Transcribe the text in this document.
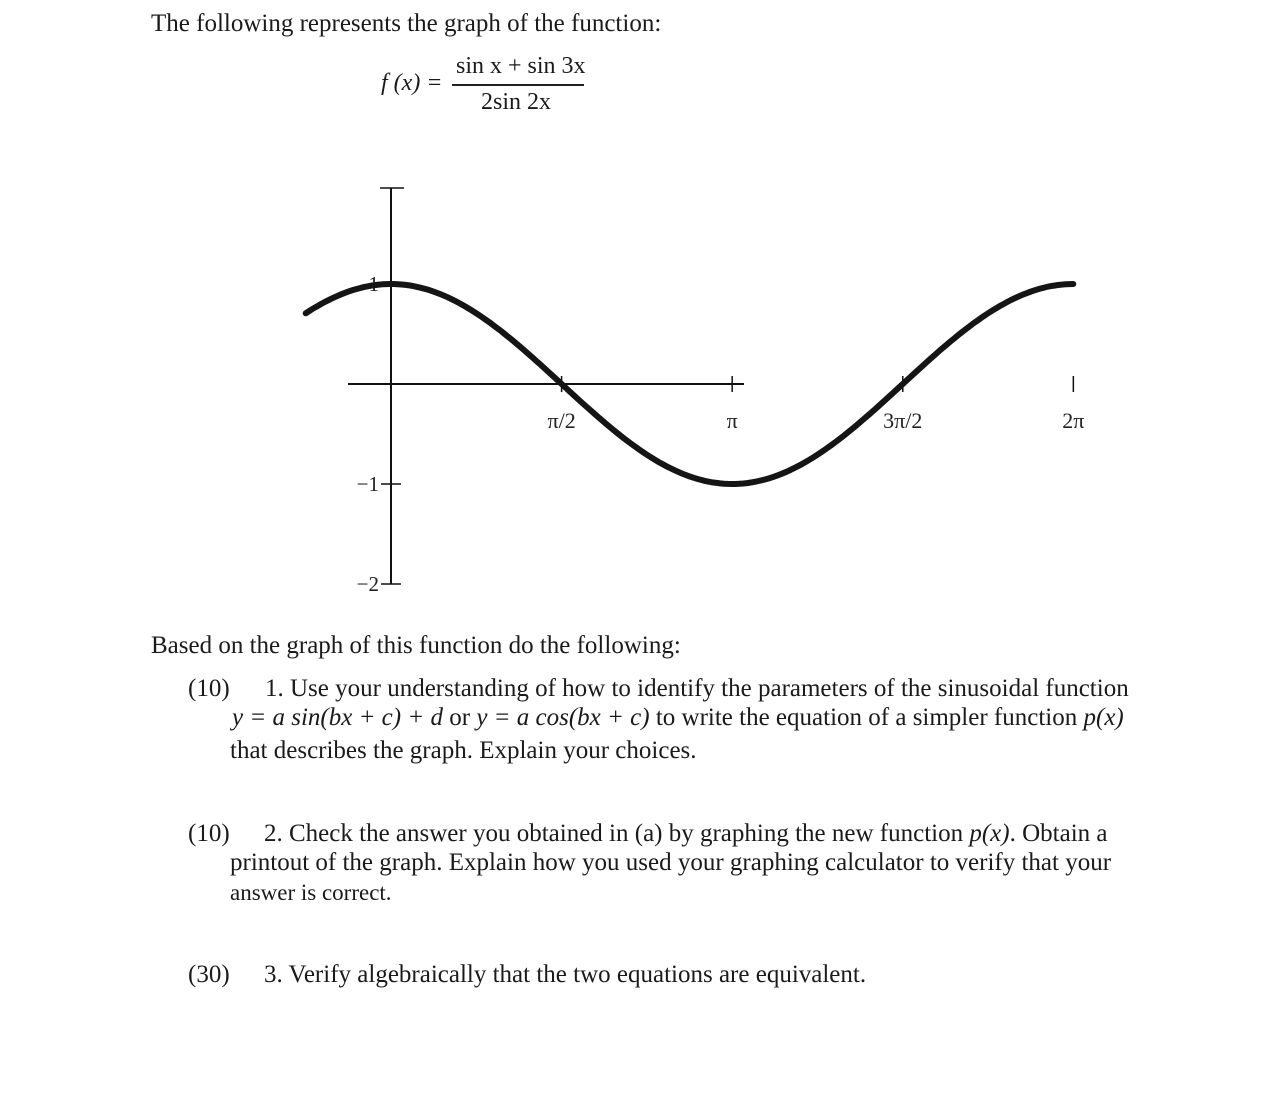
The following represents the graph of the function:
f (x) =
sin x + sin 3x
2sin 2x
π/2	π	3π/2	2π
1
−1
−2
Based on the graph of this function do the following:
(10) 1. Use your understanding of how to identify the parameters of the sinusoidal function
y = a sin(bx + c) + d or y = a cos(bx + c) to write the equation of a simpler function p(x)
that describes the graph. Explain your choices.
(10) 2. Check the answer you obtained in (a) by graphing the new function p(x). Obtain a
printout of the graph. Explain how you used your graphing calculator to verify that your
answer is correct.
(30) 3. Verify algebraically that the two equations are equivalent.
